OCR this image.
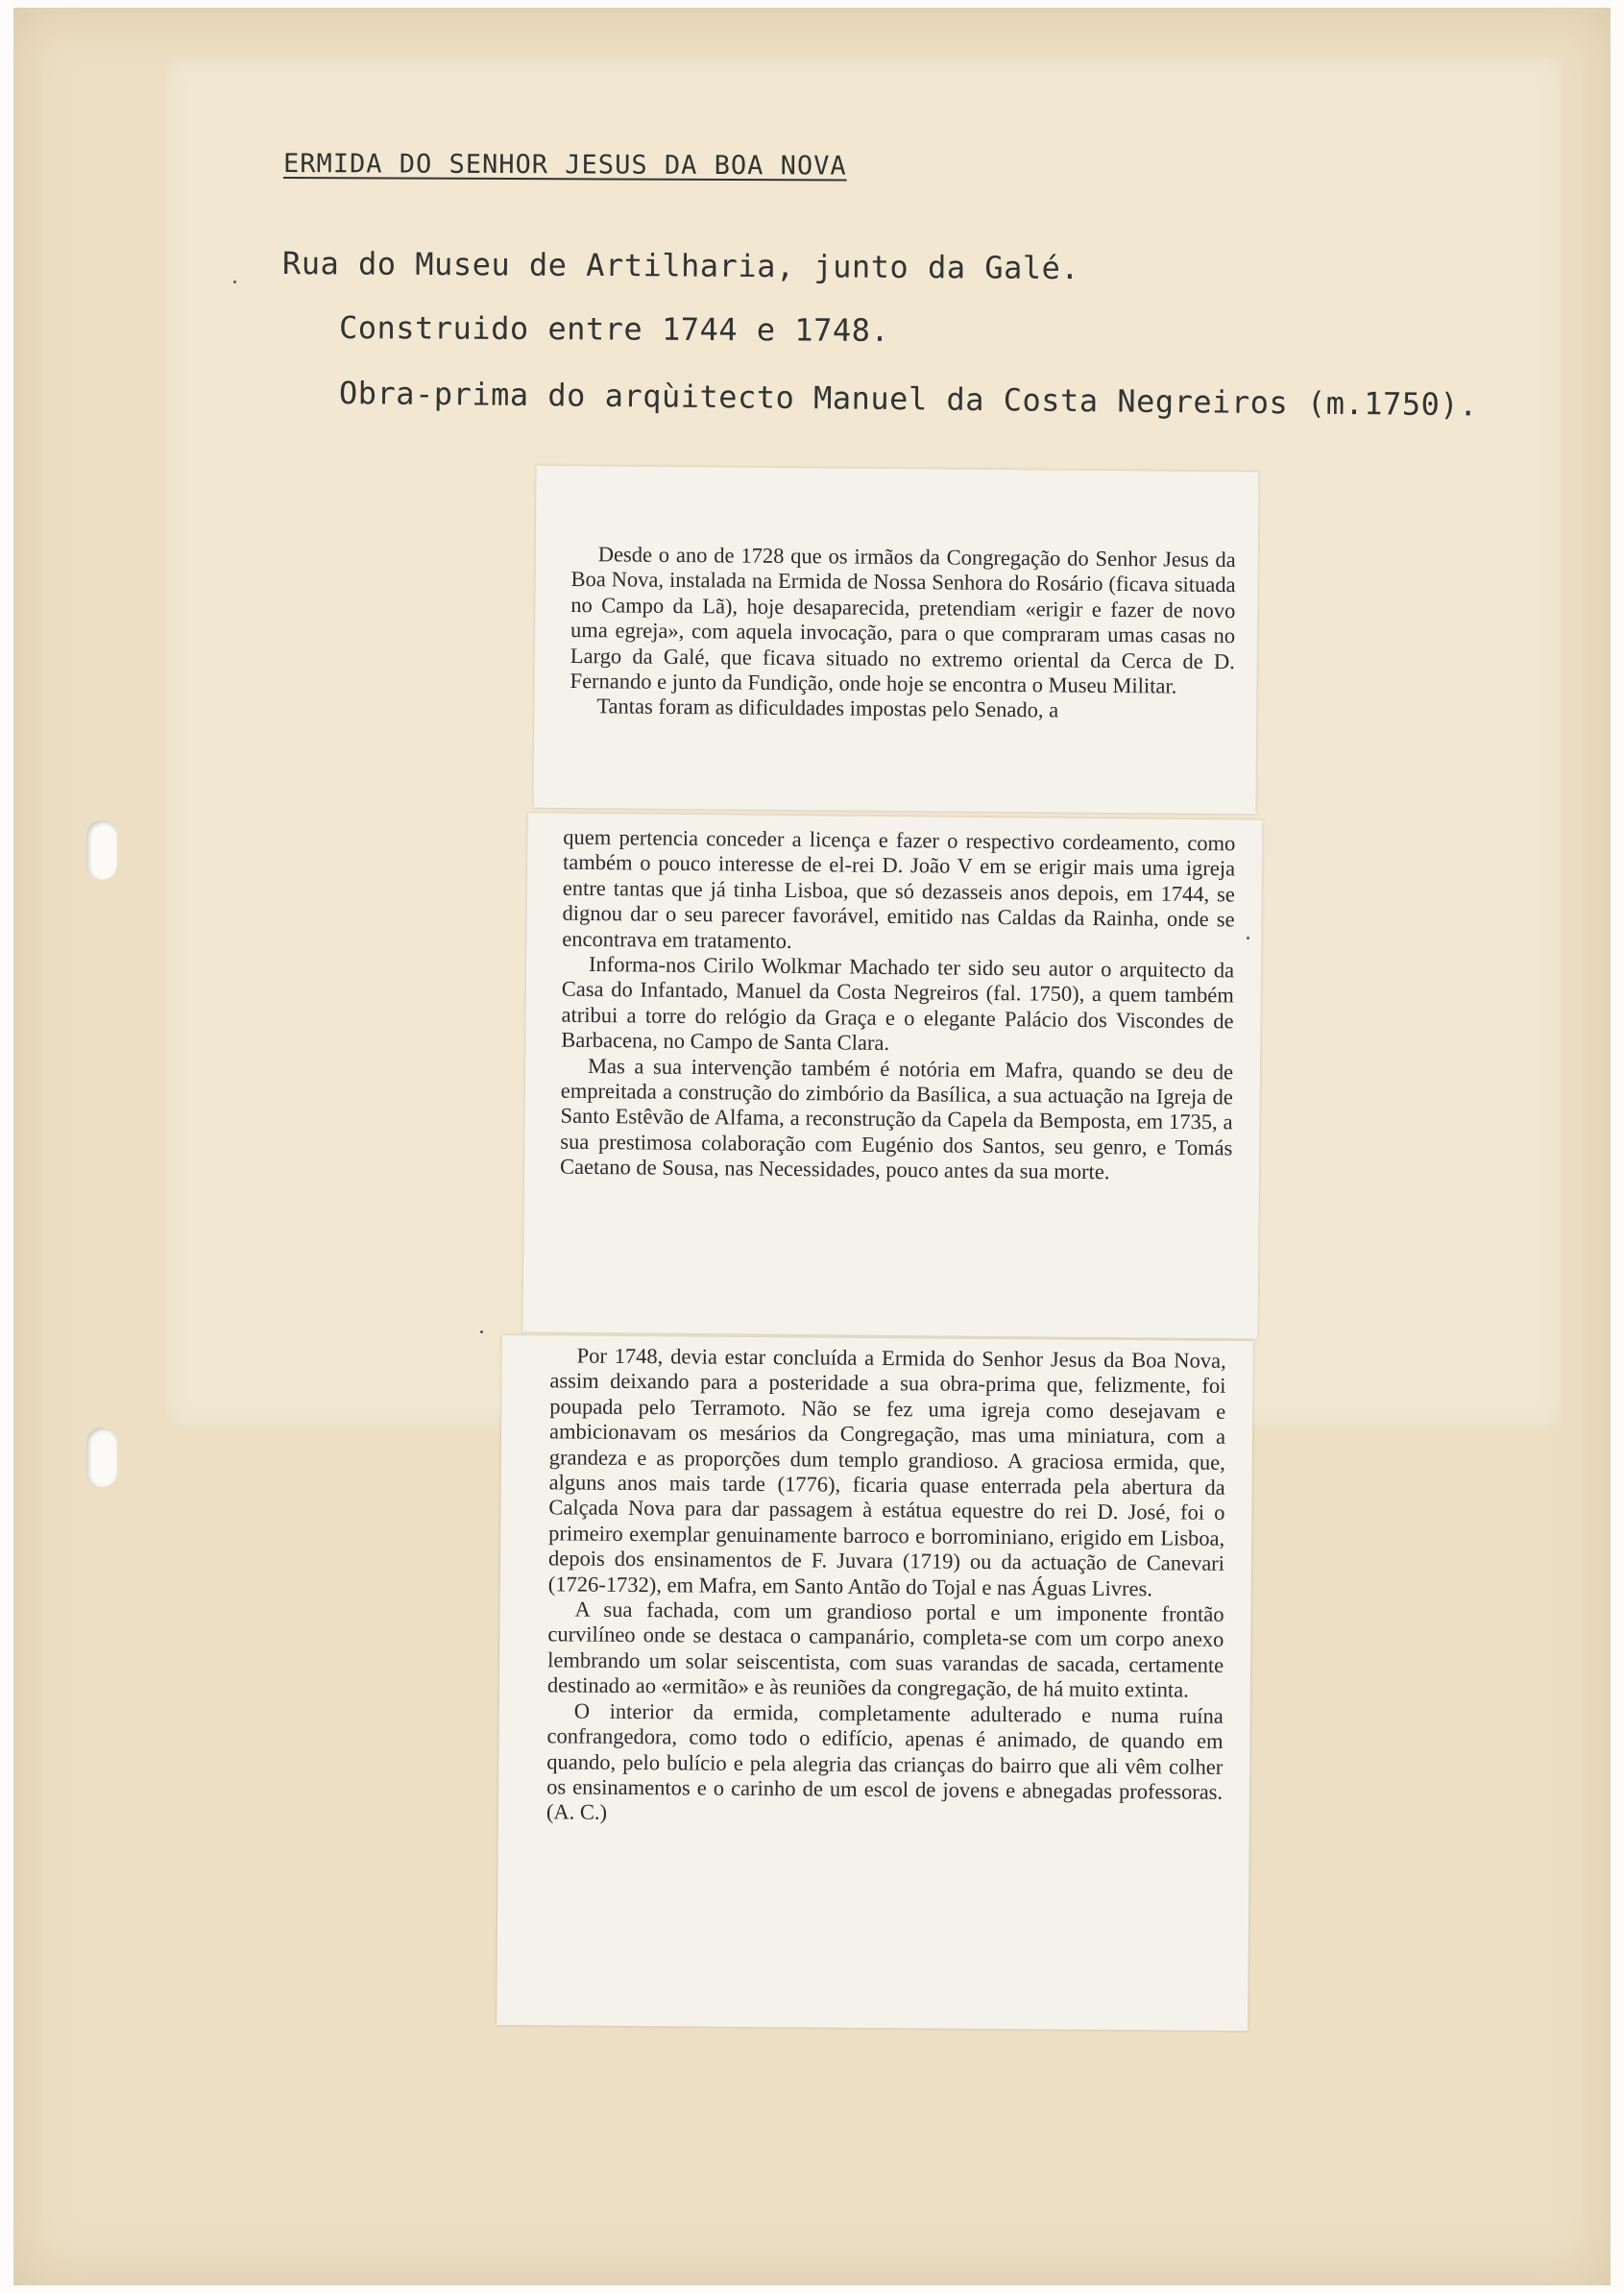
ERMIDA DO SENHOR JESUS DA BOA NOVA

Rua do Museu de Artilharia, junto da Galé.

Construido entre 1744 e 1748.

Obra-prima do arqùitecto Manuel da Costa Negreiros (m.1750).

Desde o ano de 1728 que os irmãos da Congregação do Senhor Jesus da Boa Nova, instalada na Ermida de Nossa Senhora do Rosário (ficava situada no Campo da Lã), hoje desaparecida, pretendiam «erigir e fazer de novo uma egreja», com aquela invocação, para o que compraram umas casas no Largo da Galé, que ficava situado no extremo oriental da Cerca de D. Fernando e junto da Fundição, onde hoje se encontra o Museu Militar.

Tantas foram as dificuldades impostas pelo Senado, a

quem pertencia conceder a licença e fazer o respectivo cordeamento, como também o pouco interesse de el-rei D. João V em se erigir mais uma igreja entre tantas que já tinha Lisboa, que só dezasseis anos depois, em 1744, se dignou dar o seu parecer favorável, emitido nas Caldas da Rainha, onde se encontrava em tratamento.

Informa-nos Cirilo Wolkmar Machado ter sido seu autor o arquitecto da Casa do Infantado, Manuel da Costa Negreiros (fal. 1750), a quem também atribui a torre do relógio da Graça e o elegante Palácio dos Viscondes de Barbacena, no Campo de Santa Clara.

Mas a sua intervenção também é notória em Mafra, quando se deu de empreitada a construção do zimbório da Basílica, a sua actuação na Igreja de Santo Estêvão de Alfama, a reconstrução da Capela da Bemposta, em 1735, a sua prestimosa colaboração com Eugénio dos Santos, seu genro, e Tomás Caetano de Sousa, nas Necessidades, pouco antes da sua morte.

Por 1748, devia estar concluída a Ermida do Senhor Jesus da Boa Nova, assim deixando para a posteridade a sua obra-prima que, felizmente, foi poupada pelo Terramoto. Não se fez uma igreja como desejavam e ambicionavam os mesários da Congregação, mas uma miniatura, com a grandeza e as proporções dum templo grandioso. A graciosa ermida, que, alguns anos mais tarde (1776), ficaria quase enterrada pela abertura da Calçada Nova para dar passagem à estátua equestre do rei D. José, foi o primeiro exemplar genuinamente barroco e borrominiano, erigido em Lisboa, depois dos ensinamentos de F. Juvara (1719) ou da actuação de Canevari (1726-1732), em Mafra, em Santo Antão do Tojal e nas Águas Livres.

A sua fachada, com um grandioso portal e um imponente frontão curvilíneo onde se destaca o campanário, completa-se com um corpo anexo lembrando um solar seiscentista, com suas varandas de sacada, certamente destinado ao «ermitão» e às reuniões da congregação, de há muito extinta.

O interior da ermida, completamente adulterado e numa ruína confrangedora, como todo o edifício, apenas é animado, de quando em quando, pelo bulício e pela alegria das crianças do bairro que ali vêm colher os ensinamentos e o carinho de um escol de jovens e abnegadas professoras. (A. C.)
